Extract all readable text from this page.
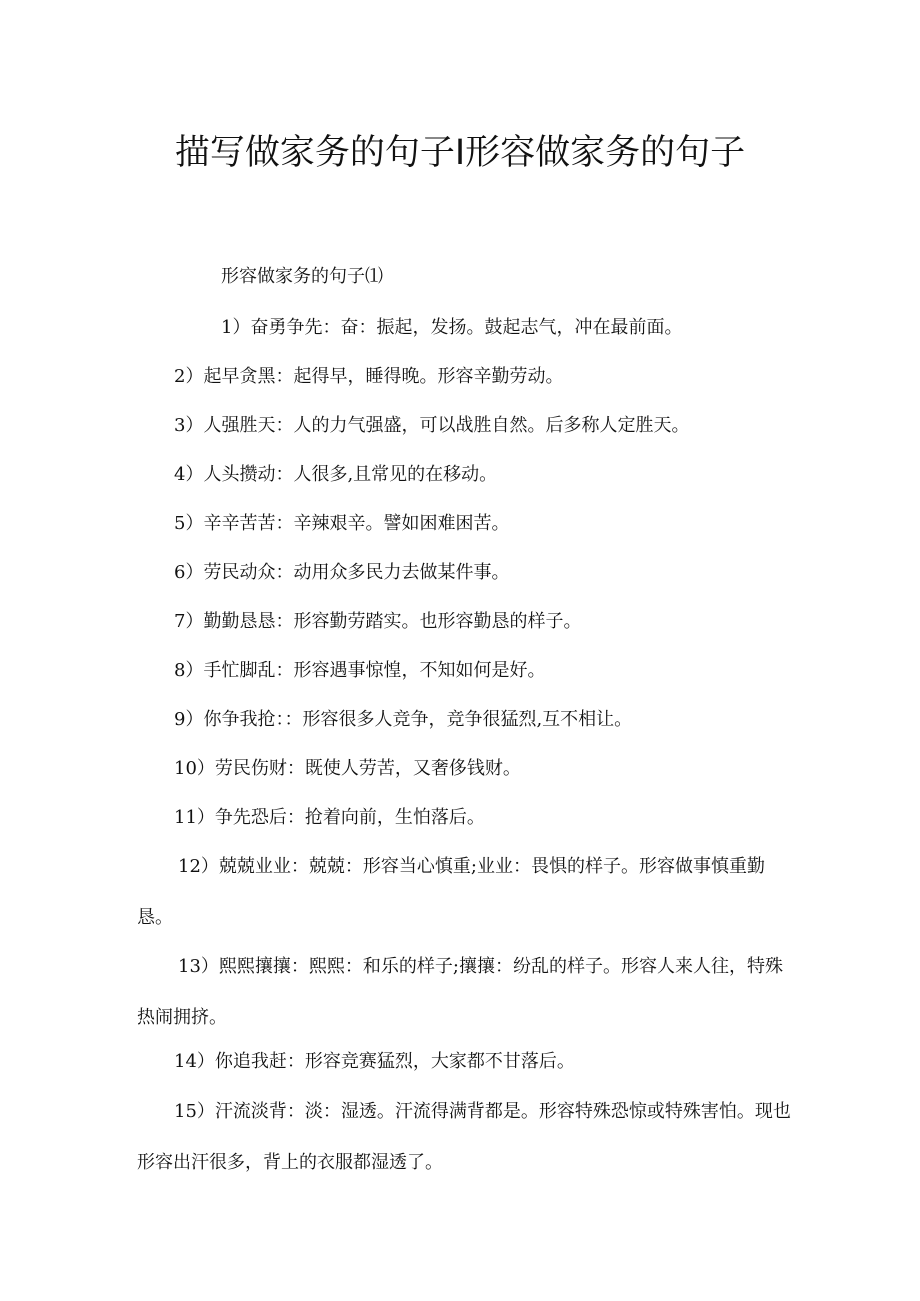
描写做家务的句子I形容做家务的句子
形容做家务的句子⑴
1）奋勇争先：奋：振起，发扬。鼓起志气，冲在最前面。
2）起早贪黑：起得早，睡得晚。形容辛勤劳动。
3）人强胜天：人的力气强盛，可以战胜自然。后多称人定胜天。
4）人头攒动：人很多,且常见的在移动。
5）辛辛苦苦：辛辣艰辛。譬如困难困苦。
6）劳民动众：动用众多民力去做某件事。
7）勤勤恳恳：形容勤劳踏实。也形容勤恳的样子。
8）手忙脚乱：形容遇事惊惶，不知如何是好。
9）你争我抢：：形容很多人竞争，竞争很猛烈,互不相让。
10）劳民伤财：既使人劳苦，又奢侈钱财。
11）争先恐后：抢着向前，生怕落后。
12）兢兢业业：兢兢：形容当心慎重;业业：畏惧的样子。形容做事慎重勤恳。
13）熙熙攘攘：熙熙：和乐的样子;攘攘：纷乱的样子。形容人来人往，特殊热闹拥挤。
14）你追我赶：形容竞赛猛烈，大家都不甘落后。
15）汗流淡背：淡：湿透。汗流得满背都是。形容特殊恐惊或特殊害怕。现也形容出汗很多，背上的衣服都湿透了。
